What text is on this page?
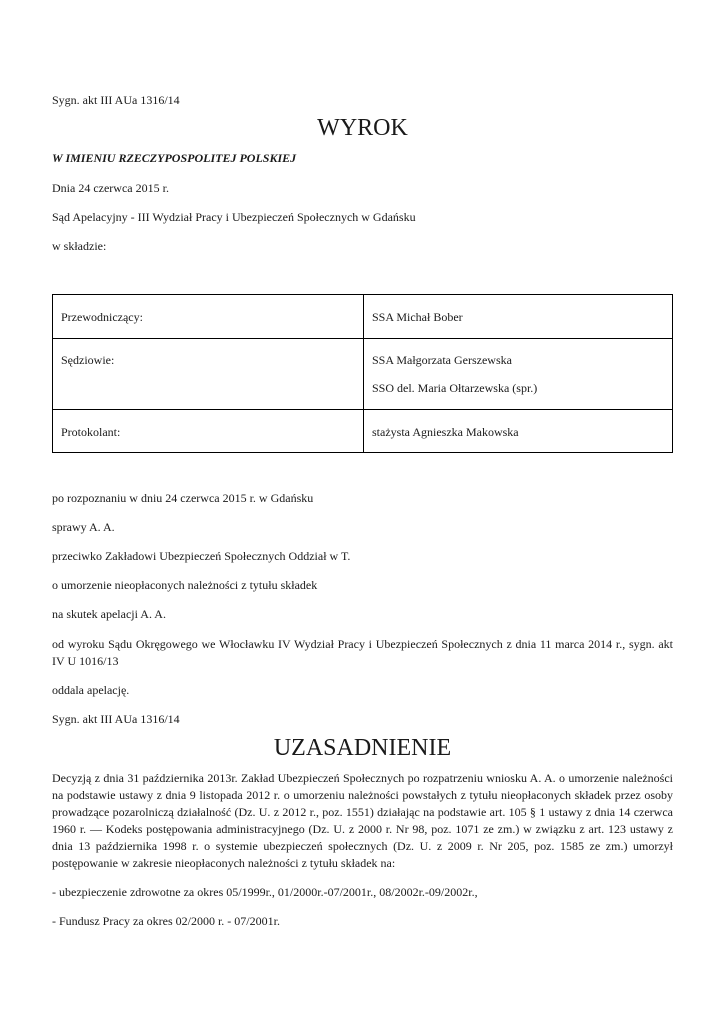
Sygn. akt III AUa 1316/14
WYROK
W IMIENIU RZECZYPOSPOLITEJ POLSKIEJ
Dnia 24 czerwca 2015 r.
Sąd Apelacyjny - III Wydział Pracy i Ubezpieczeń Społecznych w Gdańsku
w składzie:
Przewodniczący:	SSA Michał Bober

Sędziowie:	SSA Małgorzata Gerszewska
SSO del. Maria Ołtarzewska (spr.)

Protokolant:	stażysta Agnieszka Makowska
po rozpoznaniu w dniu 24 czerwca 2015 r. w Gdańsku
sprawy A. A.
przeciwko Zakładowi Ubezpieczeń Społecznych Oddział w T.
o umorzenie nieopłaconych należności z tytułu składek
na skutek apelacji A. A.
od wyroku Sądu Okręgowego we Włocławku IV Wydział Pracy i Ubezpieczeń Społecznych z dnia 11 marca 2014 r., sygn. akt IV U 1016/13
oddala apelację.
Sygn. akt III AUa 1316/14
UZASADNIENIE
Decyzją z dnia 31 października 2013r. Zakład Ubezpieczeń Społecznych po rozpatrzeniu wniosku A. A. o umorzenie należności na podstawie ustawy z dnia 9 listopada 2012 r. o umorzeniu należności powstałych z tytułu nieopłaconych składek przez osoby prowadzące pozarolniczą działalność (Dz. U. z 2012 r., poz. 1551) działając na podstawie art. 105 § 1 ustawy z dnia 14 czerwca 1960 r. — Kodeks postępowania administracyjnego (Dz. U. z 2000 r. Nr 98, poz. 1071 ze zm.) w związku z art. 123 ustawy z dnia 13 października 1998 r. o systemie ubezpieczeń społecznych (Dz. U. z 2009 r. Nr 205, poz. 1585 ze zm.) umorzył postępowanie w zakresie nieopłaconych należności z tytułu składek na:
- ubezpieczenie zdrowotne za okres 05/1999r., 01/2000r.-07/2001r., 08/2002r.-09/2002r.,
- Fundusz Pracy za okres 02/2000 r. - 07/2001r.
